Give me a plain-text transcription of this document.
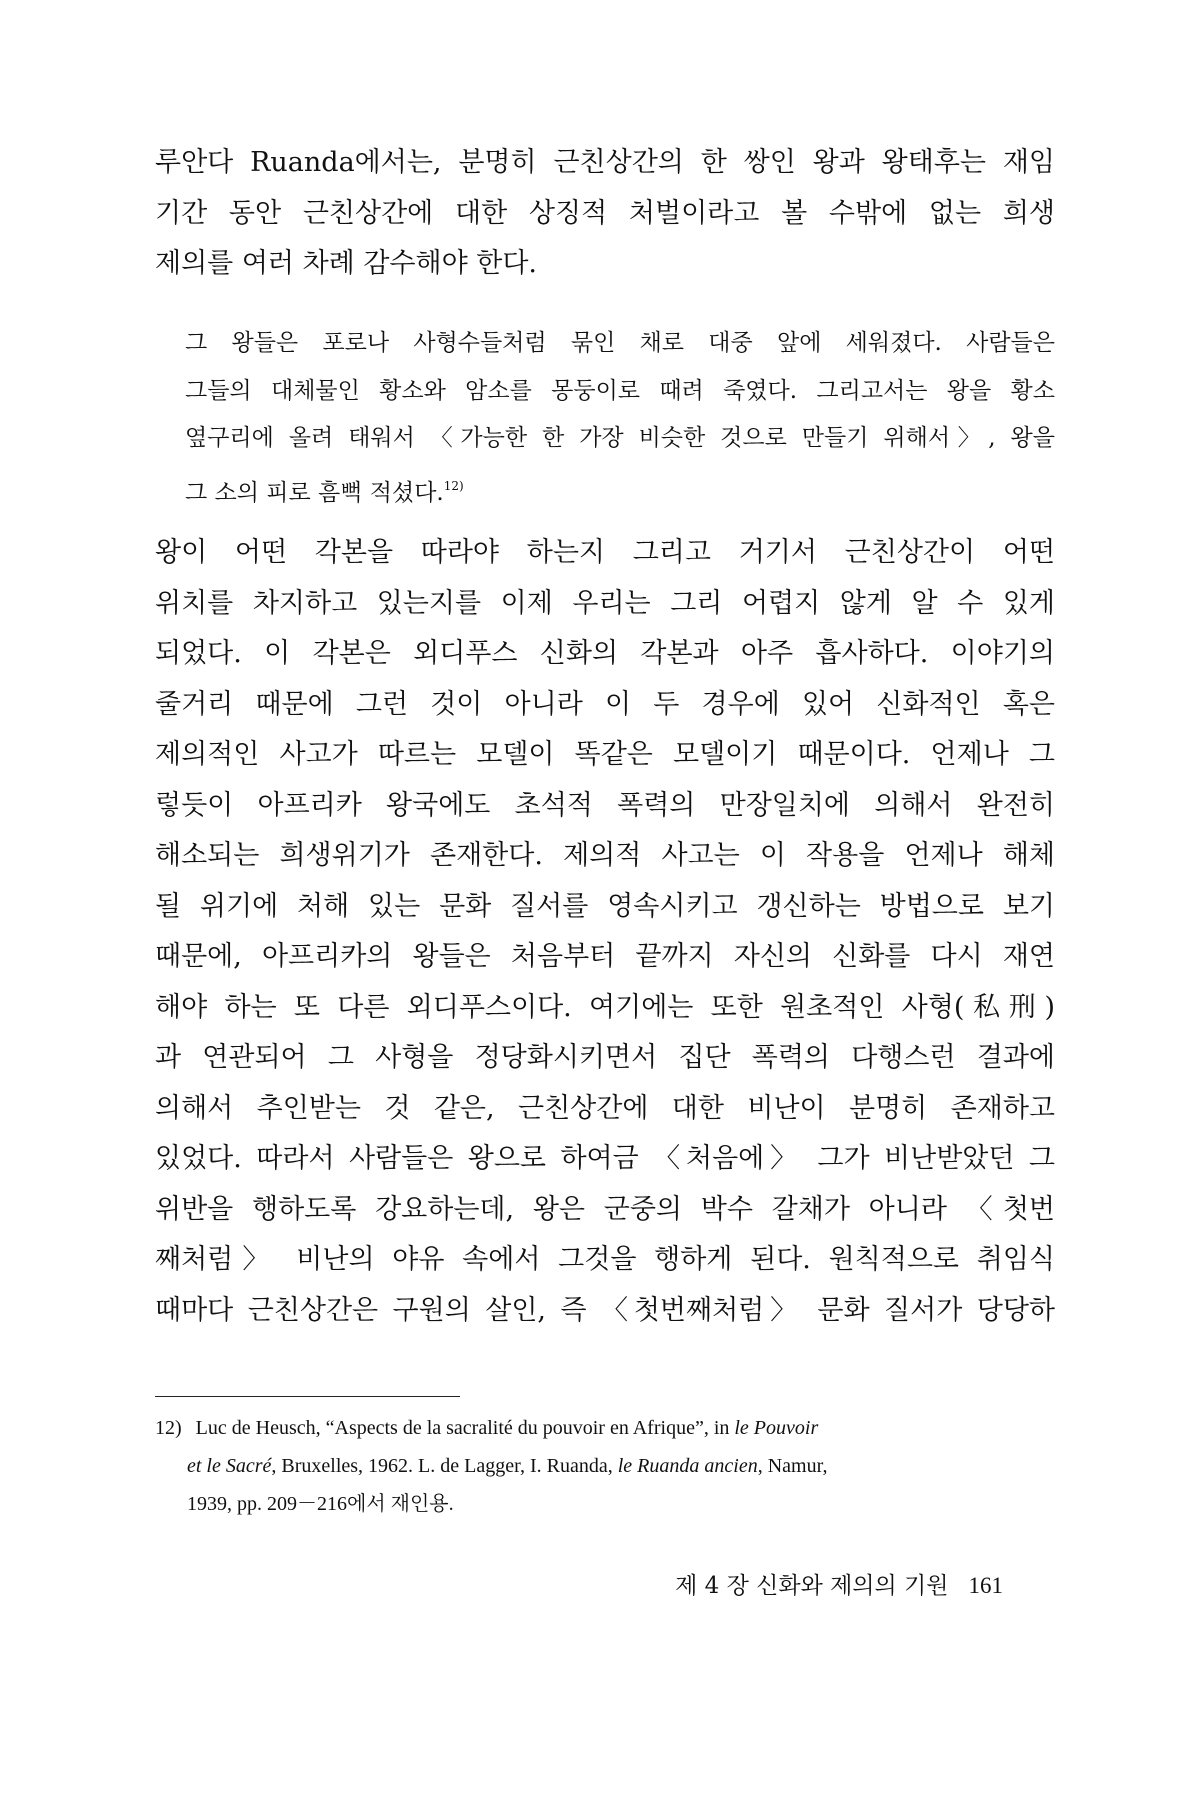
루안다 Ruanda에서는, 분명히 근친상간의 한 쌍인 왕과 왕태후는 재임
기간 동안 근친상간에 대한 상징적 처벌이라고 볼 수밖에 없는 희생
제의를 여러 차례 감수해야 한다.
그 왕들은 포로나 사형수들처럼 묶인 채로 대중 앞에 세워졌다. 사람들은
그들의 대체물인 황소와 암소를 몽둥이로 때려 죽였다. 그리고서는 왕을 황소
옆구리에 올려 태워서 〈가능한 한 가장 비슷한 것으로 만들기 위해서〉, 왕을
그 소의 피로 흠뻑 적셨다.$^{12)}$
왕이 어떤 각본을 따라야 하는지 그리고 거기서 근친상간이 어떤
위치를 차지하고 있는지를 이제 우리는 그리 어렵지 않게 알 수 있게
되었다. 이 각본은 외디푸스 신화의 각본과 아주 흡사하다. 이야기의
줄거리 때문에 그런 것이 아니라 이 두 경우에 있어 신화적인 혹은
제의적인 사고가 따르는 모델이 똑같은 모델이기 때문이다. 언제나 그
렇듯이 아프리카 왕국에도 초석적 폭력의 만장일치에 의해서 완전히
해소되는 희생위기가 존재한다. 제의적 사고는 이 작용을 언제나 해체
될 위기에 처해 있는 문화 질서를 영속시키고 갱신하는 방법으로 보기
때문에, 아프리카의 왕들은 처음부터 끝까지 자신의 신화를 다시 재연
해야 하는 또 다른 외디푸스이다. 여기에는 또한 원초적인 사형(私刑)
과 연관되어 그 사형을 정당화시키면서 집단 폭력의 다행스런 결과에
의해서 추인받는 것 같은, 근친상간에 대한 비난이 분명히 존재하고
있었다. 따라서 사람들은 왕으로 하여금 〈처음에〉 그가 비난받았던 그
위반을 행하도록 강요하는데, 왕은 군중의 박수 갈채가 아니라 〈첫번
째처럼〉 비난의 야유 속에서 그것을 행하게 된다. 원칙적으로 취임식
때마다 근친상간은 구원의 살인, 즉 〈첫번째처럼〉 문화 질서가 당당하
12) Luc de Heusch, “Aspects de la sacralité du pouvoir en Afrique”, in le Pouvoir
et le Sacré, Bruxelles, 1962. L. de Lagger, I. Ruanda, le Ruanda ancien, Namur,
1939, pp. 209－216에서 재인용.
제 4 장 신화와 제의의 기원 161
